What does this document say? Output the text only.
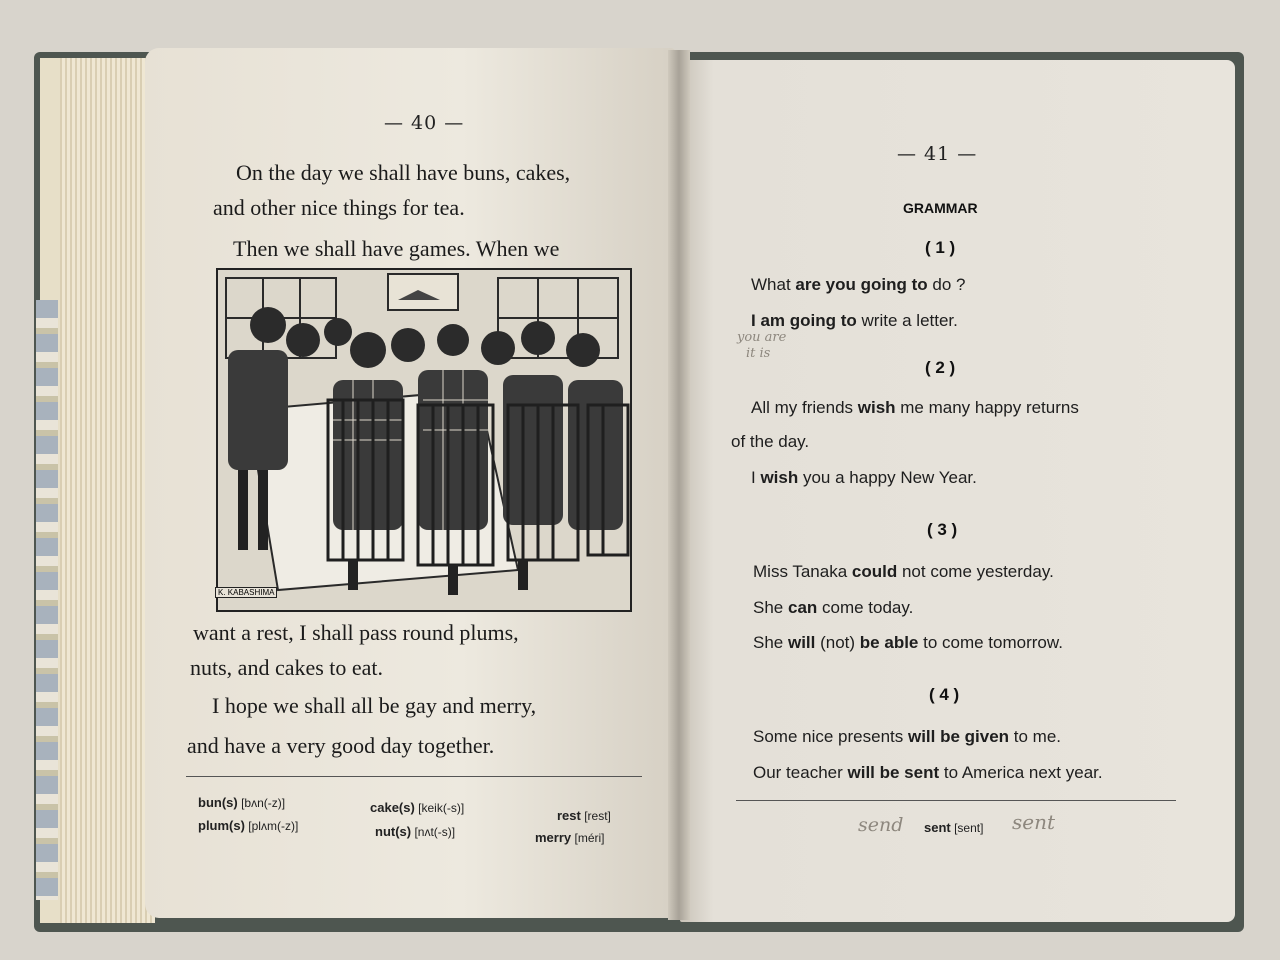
— 40 —
On the day we shall have buns, cakes,
and other nice things for tea.
Then we shall have games. When we
K. KABASHIMA
want a rest, I shall pass round plums,
nuts, and cakes to eat.
I hope we shall all be gay and merry,
and have a very good day together.
bun(s) [bʌn(-z)]
plum(s) [plʌm(-z)]
cake(s) [keik(-s)]
nut(s) [nʌt(-s)]
rest [rest]
merry [méri]
— 41 —
GRAMMAR
( 1 )
What are you going to do ?
I am going to write a letter.
( 2 )
All my friends wish me many happy returns
of the day.
I wish you a happy New Year.
( 3 )
Miss Tanaka could not come yesterday.
She can come today.
She will (not) be able to come tomorrow.
( 4 )
Some nice presents will be given to me.
Our teacher will be sent to America next year.
sent [sent]
send	sent
you are
it is
